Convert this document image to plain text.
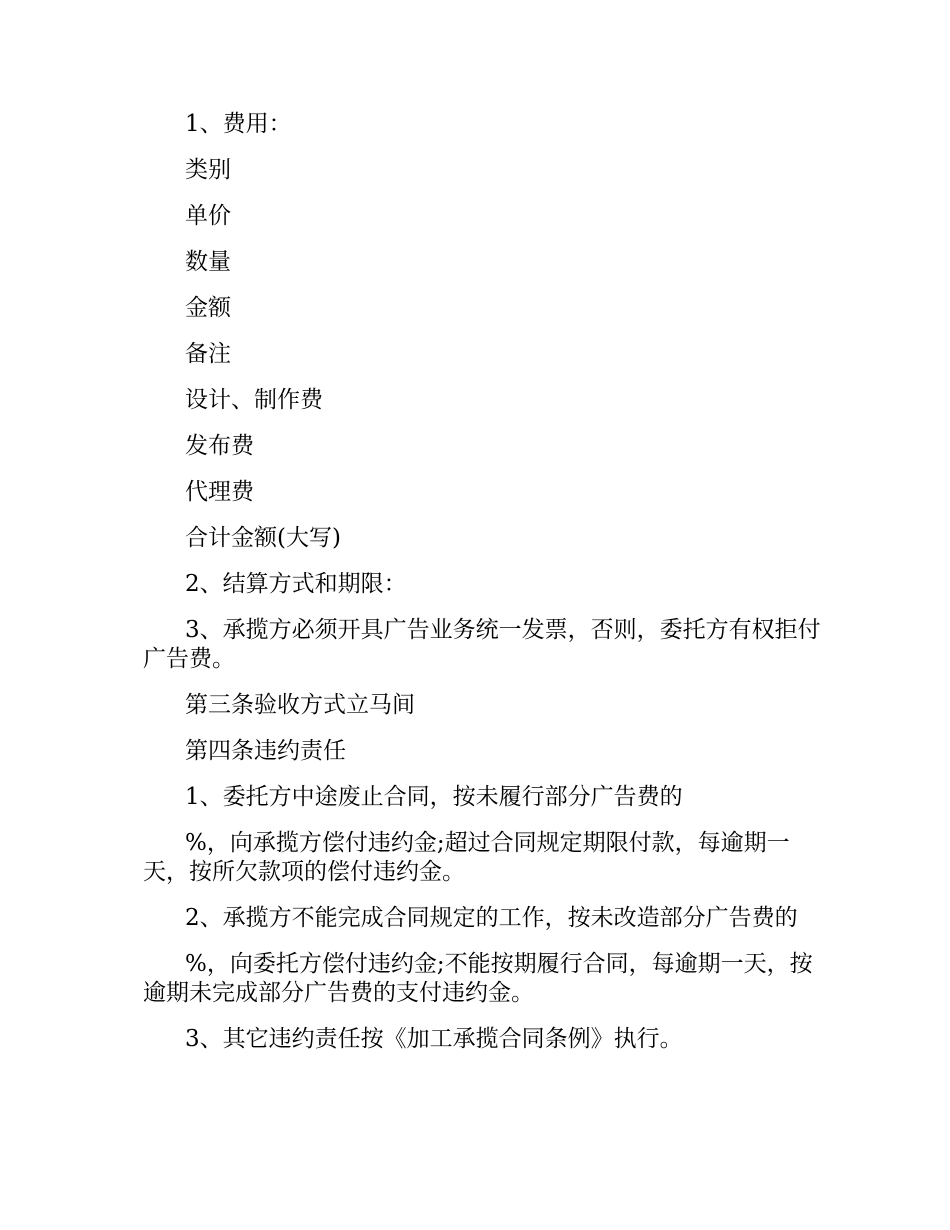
1、费用：

类别

单价

数量

金额

备注

设计、制作费

发布费

代理费

合计金额(大写)

2、结算方式和期限：

3、承揽方必须开具广告业务统一发票，否则，委托方有权拒付广告费。

第三条验收方式立马间

第四条违约责任

1、委托方中途废止合同，按未履行部分广告费的

%，向承揽方偿付违约金;超过合同规定期限付款，每逾期一天，按所欠款项的偿付违约金。

2、承揽方不能完成合同规定的工作，按未改造部分广告费的

%，向委托方偿付违约金;不能按期履行合同，每逾期一天，按逾期未完成部分广告费的支付违约金。

3、其它违约责任按《加工承揽合同条例》执行。
